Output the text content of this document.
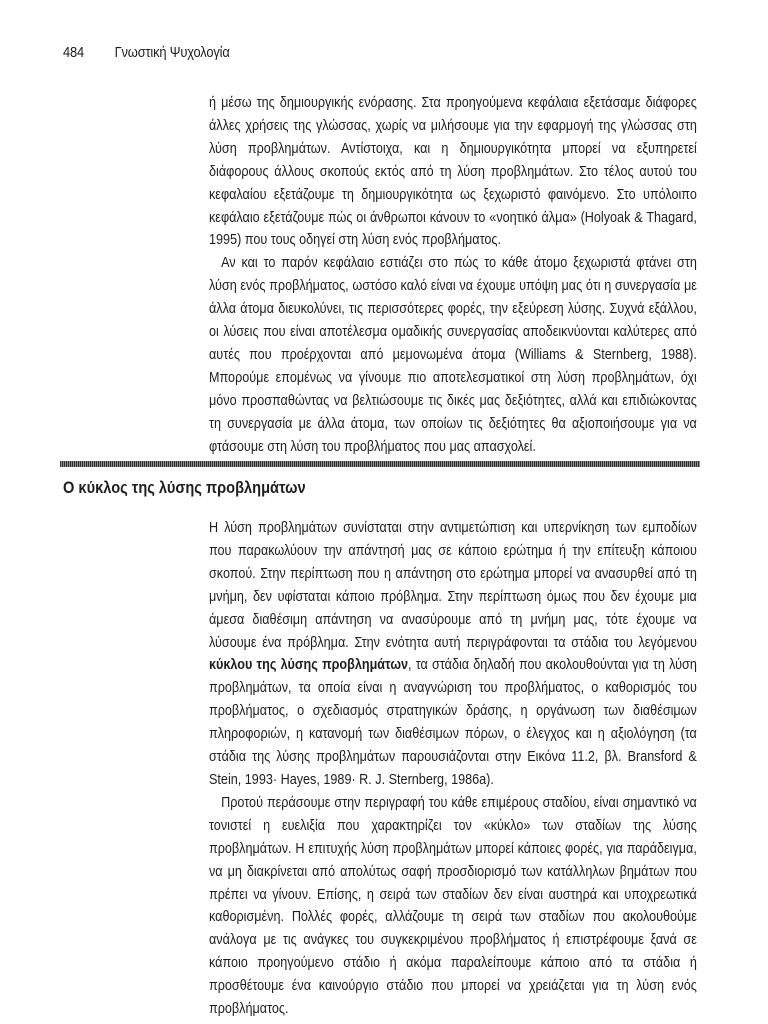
484 Γνωστική Ψυχολογία

ή μέσω της δημιουργικής ενόρασης. Στα προηγούμενα κεφάλαια εξετάσαμε διάφορες άλλες χρήσεις της γλώσσας, χωρίς να μιλήσουμε για την εφαρμογή της γλώσσας στη λύση προβλημάτων. Αντίστοιχα, και η δημιουργικότητα μπορεί να εξυπηρετεί διάφορους άλλους σκοπούς εκτός από τη λύση προβλημάτων. Στο τέλος αυτού του κεφαλαίου εξετάζουμε τη δημιουργικότητα ως ξεχωριστό φαινόμενο. Στο υπόλοιπο κεφάλαιο εξετάζουμε πώς οι άνθρωποι κάνουν το «νοητικό άλμα» (Holyoak & Thagard, 1995) που τους οδηγεί στη λύση ενός προβλήματος.

Αν και το παρόν κεφάλαιο εστιάζει στο πώς το κάθε άτομο ξεχωριστά φτάνει στη λύση ενός προβλήματος, ωστόσο καλό είναι να έχουμε υπόψη μας ότι η συνεργασία με άλλα άτομα διευκολύνει, τις περισσότερες φορές, την εξεύρεση λύσης. Συχνά εξάλλου, οι λύσεις που είναι αποτέλεσμα ομαδικής συνεργασίας αποδεικνύονται καλύτερες από αυτές που προέρχονται από μεμονωμένα άτομα (Williams & Sternberg, 1988). Μπορούμε επομένως να γίνουμε πιο αποτελεσματικοί στη λύση προβλημάτων, όχι μόνο προσπαθώντας να βελτιώσουμε τις δικές μας δεξιότητες, αλλά και επιδιώκοντας τη συνεργασία με άλλα άτομα, των οποίων τις δεξιότητες θα αξιοποιήσουμε για να φτάσουμε στη λύση του προβλήματος που μας απασχολεί.

Ο κύκλος της λύσης προβλημάτων

Η λύση προβλημάτων συνίσταται στην αντιμετώπιση και υπερνίκηση των εμποδίων που παρακωλύουν την απάντησή μας σε κάποιο ερώτημα ή την επίτευξη κάποιου σκοπού. Στην περίπτωση που η απάντηση στο ερώτημα μπορεί να ανασυρθεί από τη μνήμη, δεν υφίσταται κάποιο πρόβλημα. Στην περίπτωση όμως που δεν έχουμε μια άμεσα διαθέσιμη απάντηση να ανασύρουμε από τη μνήμη μας, τότε έχουμε να λύσουμε ένα πρόβλημα. Στην ενότητα αυτή περιγράφονται τα στάδια του λεγόμενου κύκλου της λύσης προβλημάτων, τα στάδια δηλαδή που ακολουθούνται για τη λύση προβλημάτων, τα οποία είναι η αναγνώριση του προβλήματος, ο καθορισμός του προβλήματος, ο σχεδιασμός στρατηγικών δράσης, η οργάνωση των διαθέσιμων πληροφοριών, η κατανομή των διαθέσιμων πόρων, ο έλεγχος και η αξιολόγηση (τα στάδια της λύσης προβλημάτων παρουσιάζονται στην Εικόνα 11.2, βλ. Bransford & Stein, 1993· Hayes, 1989· R. J. Sternberg, 1986a).

Προτού περάσουμε στην περιγραφή του κάθε επιμέρους σταδίου, είναι σημαντικό να τονιστεί η ευελιξία που χαρακτηρίζει τον «κύκλο» των σταδίων της λύσης προβλημάτων. Η επιτυχής λύση προβλημάτων μπορεί κάποιες φορές, για παράδειγμα, να μη διακρίνεται από απολύτως σαφή προσδιορισμό των κατάλληλων βημάτων που πρέπει να γίνουν. Επίσης, η σειρά των σταδίων δεν είναι αυστηρά και υποχρεωτικά καθορισμένη. Πολλές φορές, αλλάζουμε τη σειρά των σταδίων που ακολουθούμε ανάλογα με τις ανάγκες του συγκεκριμένου προβλήματος ή επιστρέφουμε ξανά σε κάποιο προηγούμενο στάδιο ή ακόμα παραλείπουμε κάποιο από τα στάδια ή προσθέτουμε ένα καινούργιο στάδιο που μπορεί να χρειάζεται για τη λύση ενός προβλήματος.
